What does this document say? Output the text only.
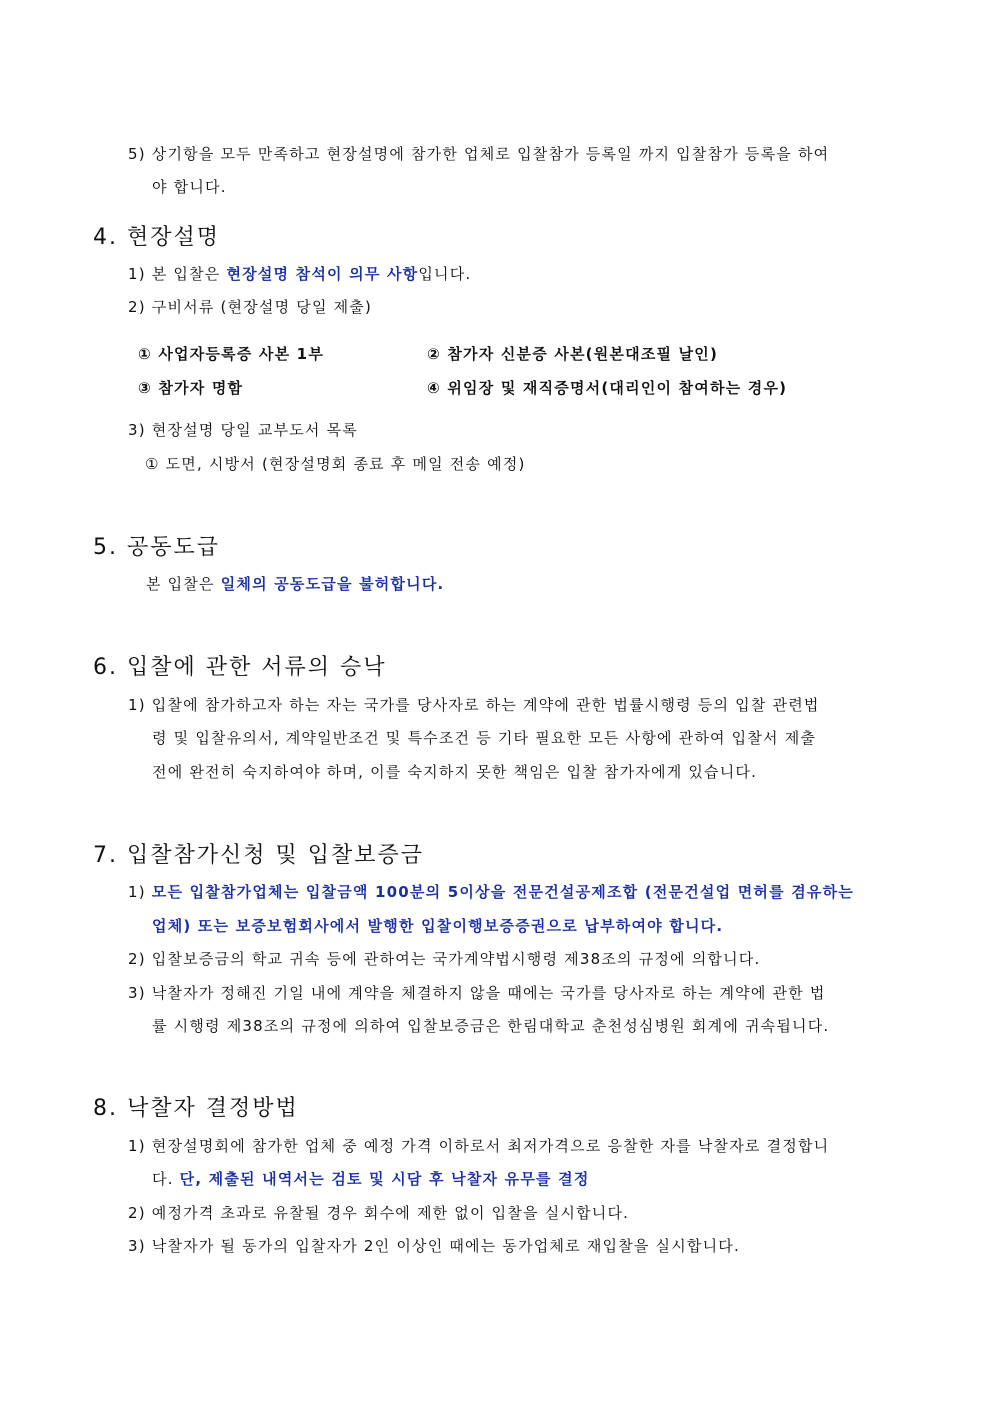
5) 상기항을 모두 만족하고 현장설명에 참가한 업체로 입찰참가 등록일 까지 입찰참가 등록을 하여
야 합니다.
4. 현장설명
1) 본 입찰은 현장설명 참석이 의무 사항입니다.
2) 구비서류 (현장설명 당일 제출)
① 사업자등록증 사본 1부	② 참가자 신분증 사본(원본대조필 날인)
③ 참가자 명함	④ 위임장 및 재직증명서(대리인이 참여하는 경우)
3) 현장설명 당일 교부도서 목록
① 도면, 시방서 (현장설명회 종료 후 메일 전송 예정)
5. 공동도급
본 입찰은 일체의 공동도급을 불허합니다.
6. 입찰에 관한 서류의 승낙
1) 입찰에 참가하고자 하는 자는 국가를 당사자로 하는 계약에 관한 법률시행령 등의 입찰 관련법
령 및 입찰유의서, 계약일반조건 및 특수조건 등 기타 필요한 모든 사항에 관하여 입찰서 제출
전에 완전히 숙지하여야 하며, 이를 숙지하지 못한 책임은 입찰 참가자에게 있습니다.
7. 입찰참가신청 및 입찰보증금
1) 모든 입찰참가업체는 입찰금액 100분의 5이상을 전문건설공제조합 (전문건설업 면허를 겸유하는
업체) 또는 보증보험회사에서 발행한 입찰이행보증증권으로 납부하여야 합니다.
2) 입찰보증금의 학교 귀속 등에 관하여는 국가계약법시행령 제38조의 규정에 의합니다.
3) 낙찰자가 정해진 기일 내에 계약을 체결하지 않을 때에는 국가를 당사자로 하는 계약에 관한 법
률 시행령 제38조의 규정에 의하여 입찰보증금은 한림대학교 춘천성심병원 회계에 귀속됩니다.
8. 낙찰자 결정방법
1) 현장설명회에 참가한 업체 중 예정 가격 이하로서 최저가격으로 응찰한 자를 낙찰자로 결정합니
다. 단, 제출된 내역서는 검토 및 시담 후 낙찰자 유무를 결정
2) 예정가격 초과로 유찰될 경우 회수에 제한 없이 입찰을 실시합니다.
3) 낙찰자가 될 동가의 입찰자가 2인 이상인 때에는 동가업체로 재입찰을 실시합니다.
